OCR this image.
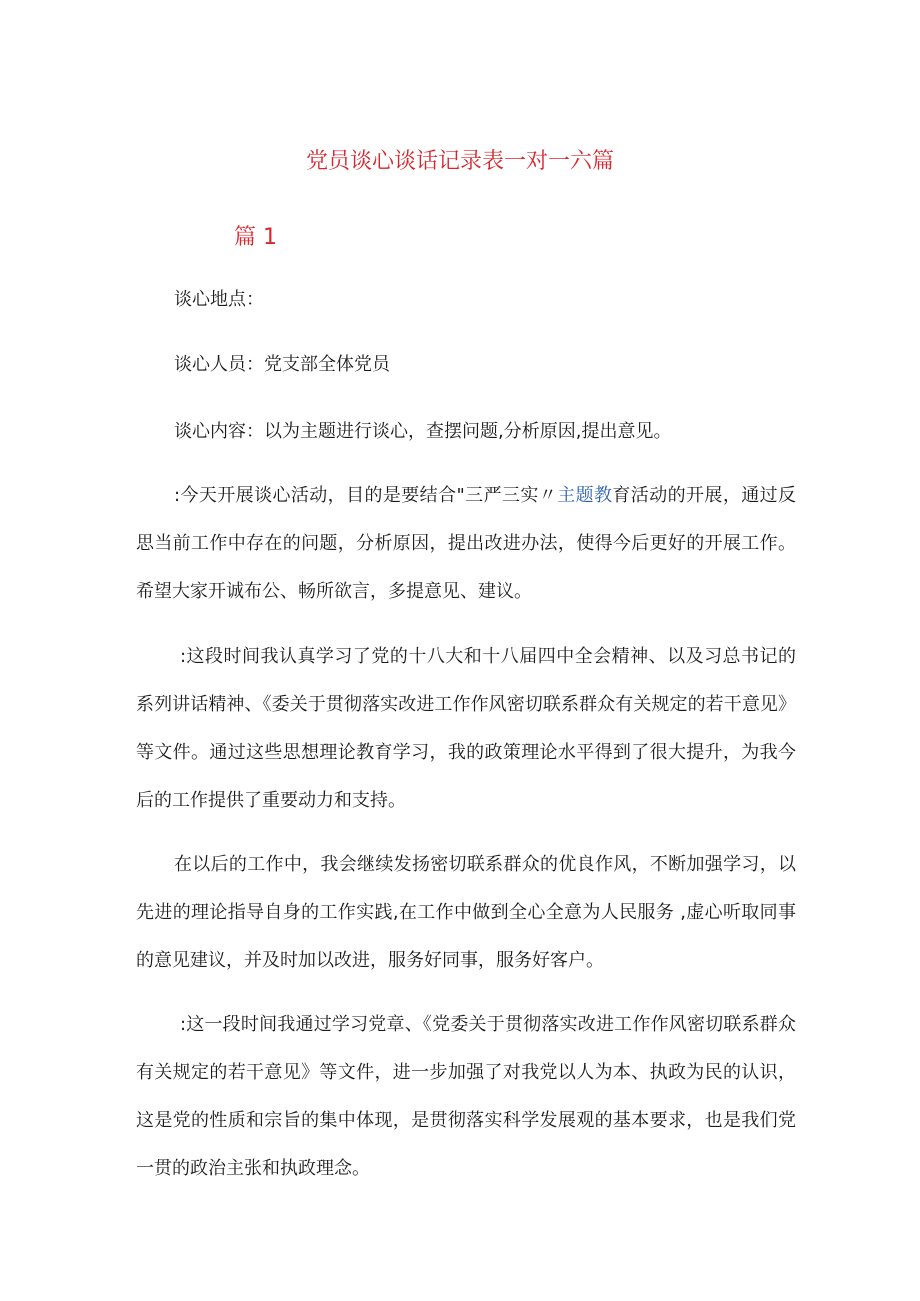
党员谈心谈话记录表一对一六篇
篇 1
谈心地点：
谈心人员：党支部全体党员
谈心内容：以为主题进行谈心，查摆问题,分析原因,提出意见。
:今天开展谈心活动，目的是要结合"三严三实〃主题教育活动的开展，通过反思当前工作中存在的问题，分析原因，提出改进办法，使得今后更好的开展工作。希望大家开诚布公、畅所欲言，多提意见、建议。
:这段时间我认真学习了党的十八大和十八届四中全会精神、以及习总书记的系列讲话精神、《委关于贯彻落实改进工作作风密切联系群众有关规定的若干意见》等文件。通过这些思想理论教育学习，我的政策理论水平得到了很大提升，为我今后的工作提供了重要动力和支持。
在以后的工作中，我会继续发扬密切联系群众的优良作风，不断加强学习，以先进的理论指导自身的工作实践,在工作中做到全心全意为人民服务 ,虚心听取同事的意见建议，并及时加以改进，服务好同事，服务好客户。
:这一段时间我通过学习党章、《党委关于贯彻落实改进工作作风密切联系群众有关规定的若干意见》等文件，进一步加强了对我党以人为本、执政为民的认识，这是党的性质和宗旨的集中体现，是贯彻落实科学发展观的基本要求，也是我们党一贯的政治主张和执政理念。
